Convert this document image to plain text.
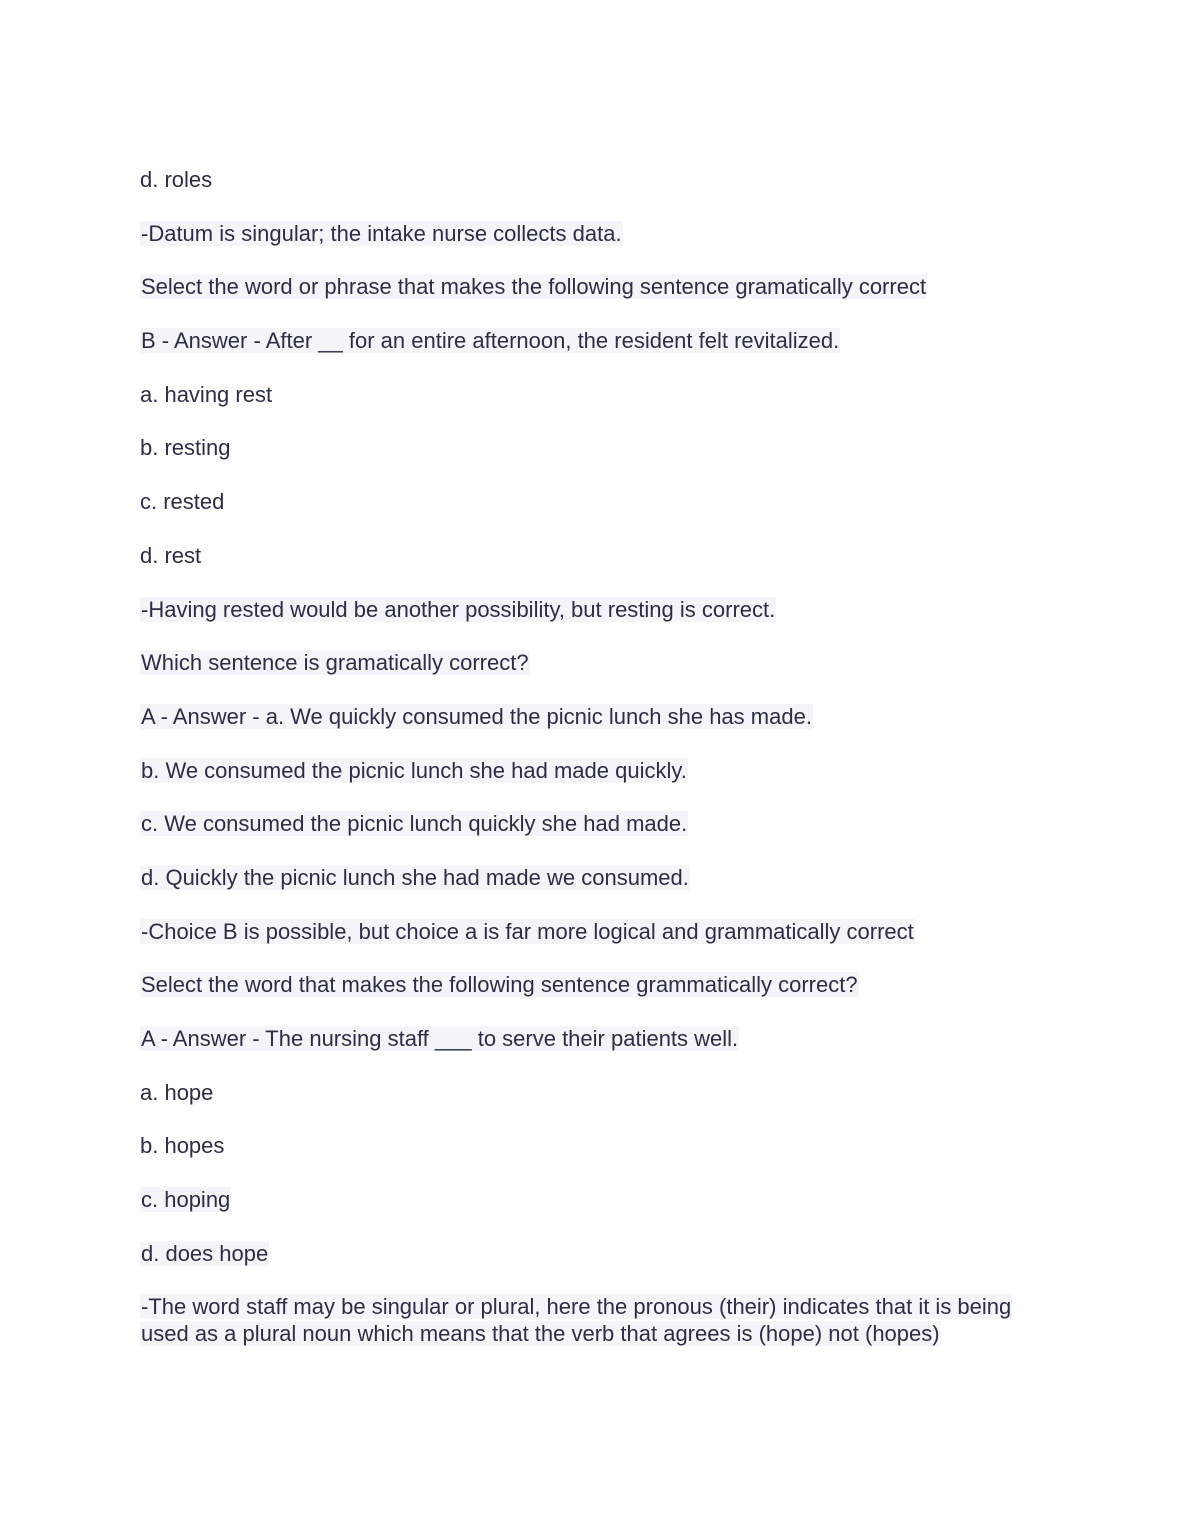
d. roles

-Datum is singular; the intake nurse collects data.

Select the word or phrase that makes the following sentence gramatically correct

B - Answer - After __ for an entire afternoon, the resident felt revitalized.

a. having rest

b. resting

c. rested

d. rest

-Having rested would be another possibility, but resting is correct.

Which sentence is gramatically correct?

A - Answer - a. We quickly consumed the picnic lunch she has made.

b. We consumed the picnic lunch she had made quickly.

c. We consumed the picnic lunch quickly she had made.

d. Quickly the picnic lunch she had made we consumed.

-Choice B is possible, but choice a is far more logical and grammatically correct

Select the word that makes the following sentence grammatically correct?

A - Answer - The nursing staff ___ to serve their patients well.

a. hope

b. hopes

c. hoping

d. does hope

-The word staff may be singular or plural, here the pronous (their) indicates that it is being used as a plural noun which means that the verb that agrees is (hope) not (hopes)
